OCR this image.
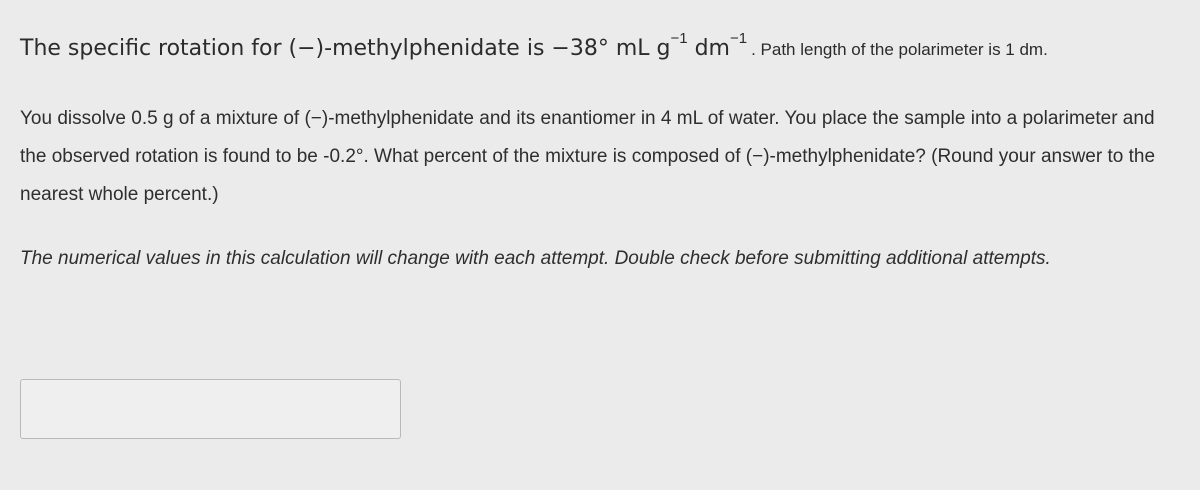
The specific rotation for (−)-methylphenidate is −38° mL $g^{-1}$ $dm^{-1}$. Path length of the polarimeter is 1 dm.
You dissolve 0.5 g of a mixture of (−)-methylphenidate and its enantiomer in 4 mL of water. You place the sample into a polarimeter and the observed rotation is found to be -0.2°. What percent of the mixture is composed of (−)-methylphenidate? (Round your answer to the nearest whole percent.)
The numerical values in this calculation will change with each attempt. Double check before submitting additional attempts.
